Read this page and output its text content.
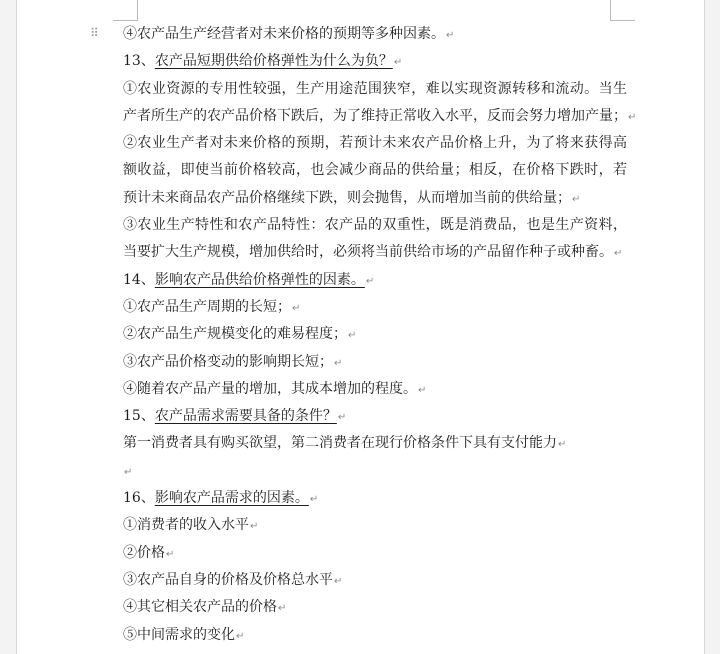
⠿ ④农产品生产经营者对未来价格的预期等多种因素。↵
13、农产品短期供给价格弹性为什么为负？↵
①农业资源的专用性较强，生产用途范围狭窄，难以实现资源转移和流动。当生
产者所生产的农产品价格下跌后，为了维持正常收入水平，反而会努力增加产量；↵
②农业生产者对未来价格的预期，若预计未来农产品价格上升，为了将来获得高
额收益，即使当前价格较高，也会减少商品的供给量；相反，在价格下跌时，若
预计未来商品农产品价格继续下跌，则会抛售，从而增加当前的供给量；↵
③农业生产特性和农产品特性：农产品的双重性，既是消费品，也是生产资料，
当要扩大生产规模，增加供给时，必须将当前供给市场的产品留作种子或种畜。↵
14、影响农产品供给价格弹性的因素。↵
①农产品生产周期的长短；↵
②农产品生产规模变化的难易程度；↵
③农产品价格变动的影响期长短；↵
④随着农产品产量的增加，其成本增加的程度。↵
15、农产品需求需要具备的条件？↵
第一消费者具有购买欲望，第二消费者在现行价格条件下具有支付能力↵
↵
16、影响农产品需求的因素。↵
①消费者的收入水平↵
②价格↵
③农产品自身的价格及价格总水平↵
④其它相关农产品的价格↵
⑤中间需求的变化↵
